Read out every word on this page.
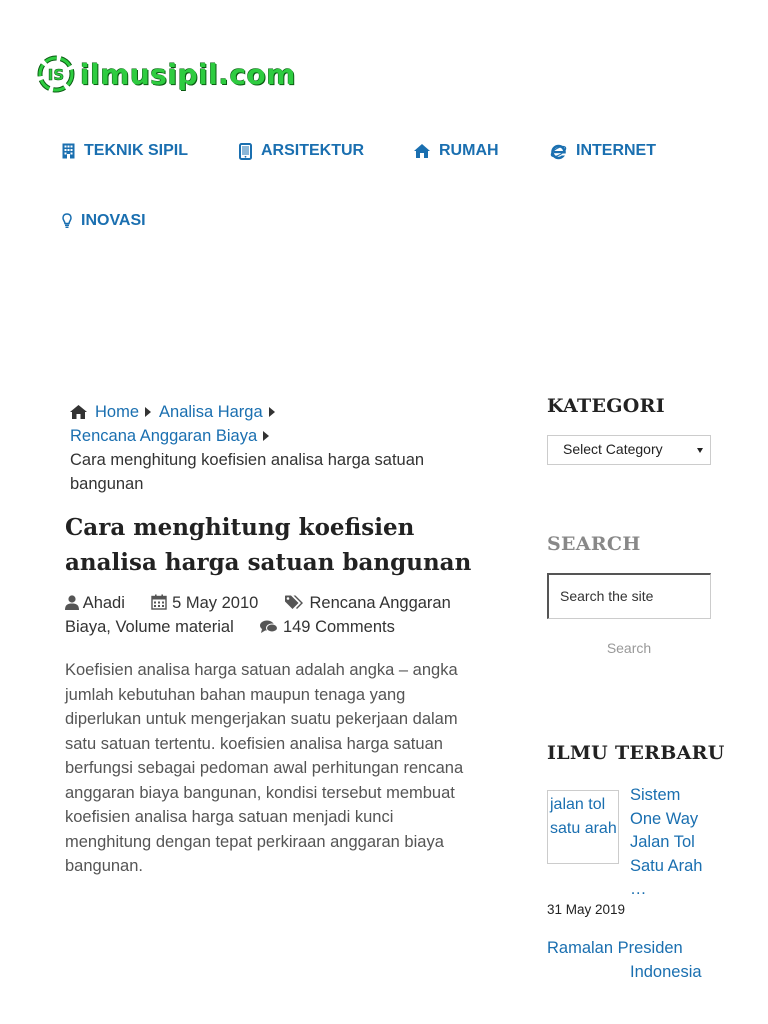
IS ilmusipil.com
TEKNIK SIPIL	ARSITEKTUR	RUMAH	INTERNET
INOVASI
Home Analisa Harga
Rencana Anggaran Biaya
Cara menghitung koefisien analisa harga satuan bangunan
Cara menghitung koefisien analisa harga satuan bangunan
Ahadi	5 May 2010	Rencana Anggaran Biaya, Volume material	149 Comments

Koefisien analisa harga satuan adalah angka – angka jumlah kebutuhan bahan maupun tenaga yang diperlukan untuk mengerjakan suatu pekerjaan dalam satu satuan tertentu. koefisien analisa harga satuan berfungsi sebagai pedoman awal perhitungan rencana anggaran biaya bangunan, kondisi tersebut membuat koefisien analisa harga satuan menjadi kunci menghitung dengan tepat perkiraan anggaran biaya bangunan.

KATEGORI
Select Category
SEARCH
Search the site
Search
ILMU TERBARU
jalan tol satu arah
Sistem One Way Jalan Tol Satu Arah …
31 May 2019
Ramalan Presiden
Indonesia
